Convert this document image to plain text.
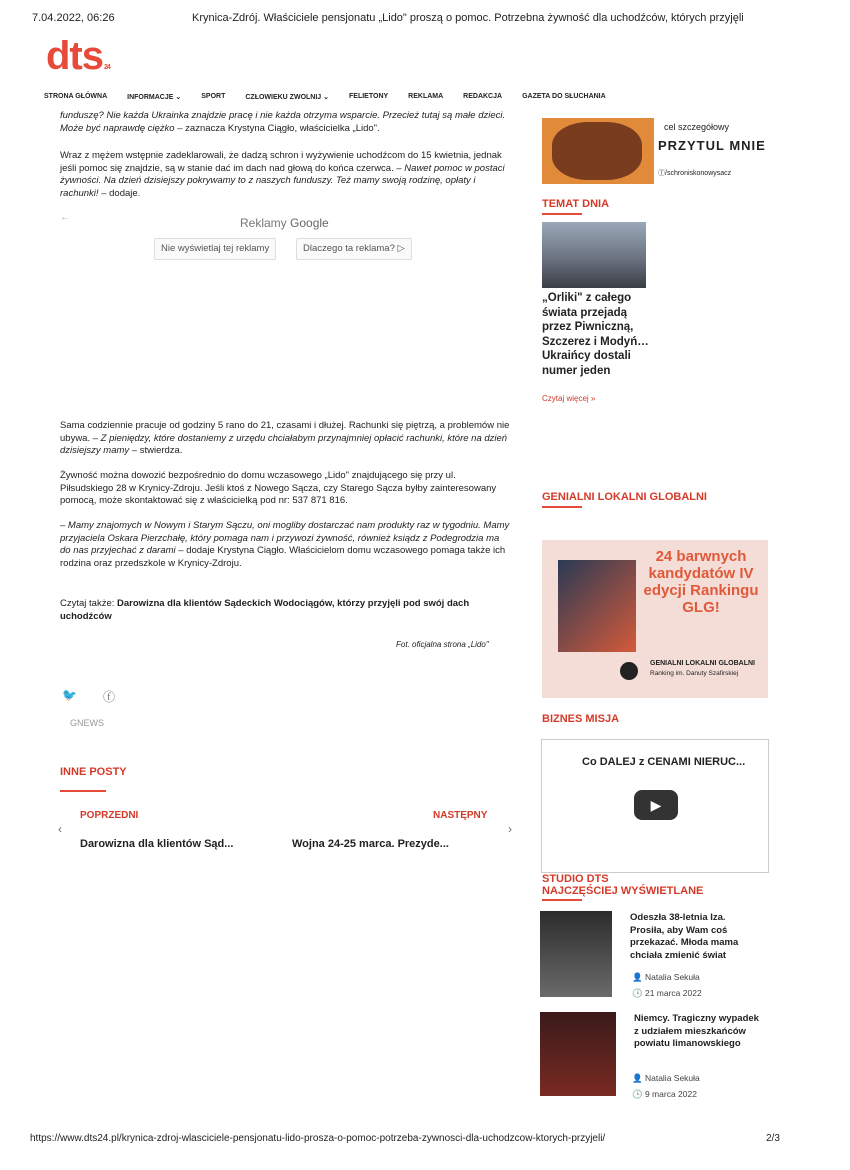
7.04.2022, 06:26	Krynica-Zdrój. Właściciele pensjonatu „Lido" proszą o pomoc. Potrzebna żywność dla uchodźców, których przyjęli
dts24
STRONA GŁÓWNA	INFORMACJE ⌄	SPORT	CZŁOWIEKU ZWOLNIJ ⌄	FELIETONY	REKLAMA	REDAKCJA	GAZETA DO SŁUCHANIA
funduszę? Nie każda Ukrainka znajdzie pracę i nie każda otrzyma wsparcie. Przecież tutaj są małe dzieci. Może być naprawdę ciężko – zaznacza Krystyna Ciągło, właścicielka „Lido".
Wraz z mężem wstępnie zadeklarowali, że dadzą schron i wyżywienie uchodźcom do 15 kwietnia, jednak jeśli pomoc się znajdzie, są w stanie dać im dach nad głową do końca czerwca. – Nawet pomoc w postaci żywności. Na dzień dzisiejszy pokrywamy to z naszych funduszy. Też mamy swoją rodzinę, opłaty i rachunki! – dodaje.
←	Reklamy Google
Nie wyświetlaj tej reklamy	Dlaczego ta reklama? ▷
Sama codziennie pracuje od godziny 5 rano do 21, czasami i dłużej. Rachunki się piętrzą, a problemów nie ubywa. – Z pieniędzy, które dostaniemy z urzędu chciałabym przynajmniej opłacić rachunki, które na dzień dzisiejszy mamy – stwierdza.
Żywność można dowozić bezpośrednio do domu wczasowego „Lido" znajdującego się przy ul. Piłsudskiego 28 w Krynicy-Zdroju. Jeśli ktoś z Nowego Sącza, czy Starego Sącza byłby zainteresowany pomocą, może skontaktować się z właścicielką pod nr: 537 871 816.
– Mamy znajomych w Nowym i Starym Sączu, oni mogliby dostarczać nam produkty raz w tygodniu. Mamy przyjaciela Oskara Pierzchałę, który pomaga nam i przywozi żywność, również ksiądz z Podegrodzia ma do nas przyjechać z darami – dodaje Krystyna Ciągło. Właścicielom domu wczasowego pomaga także ich rodzina oraz przedszkole w Krynicy-Zdroju.
Czytaj także: Darowizna dla klientów Sądeckich Wodociągów, którzy przyjęli pod swój dach uchodźców
Fot. oficjalna strona „Lido"
🐦 ⓕ
GNEWS
INNE POSTY
‹
POPRZEDNI
Darowizna dla klientów Sąd...
NASTĘPNY
Wojna 24-25 marca. Prezyde...
›
cel szczegółowy
PRZYTUL MNIE
ⓕ/schroniskonowysacz
TEMAT DNIA
„Orliki" z całego świata przejadą przez Piwniczną, Szczerez i Modyń… Ukraińcy dostali numer jeden
Czytaj więcej »
GENIALNI LOKALNI GLOBALNI
24 barwnych kandydatów IV edycji Rankingu GLG!
GENIALNI LOKALNI GLOBALNI
Ranking im. Danuty Szafirskiej
BIZNES MISJA
Co DALEJ z CENAMI NIERUC...
▶
STUDIO DTS
NAJCZĘŚCIEJ WYŚWIETLANE
Odeszła 38-letnia Iza. Prosiła, aby Wam coś przekazać. Młoda mama chciała zmienić świat
👤 Natalia Sekuła
🕒 21 marca 2022
Niemcy. Tragiczny wypadek z udziałem mieszkańców powiatu limanowskiego
👤 Natalia Sekuła
🕒 9 marca 2022
https://www.dts24.pl/krynica-zdroj-wlasciciele-pensjonatu-lido-prosza-o-pomoc-potrzeba-zywnosci-dla-uchodzcow-ktorych-przyjeli/	2/3
